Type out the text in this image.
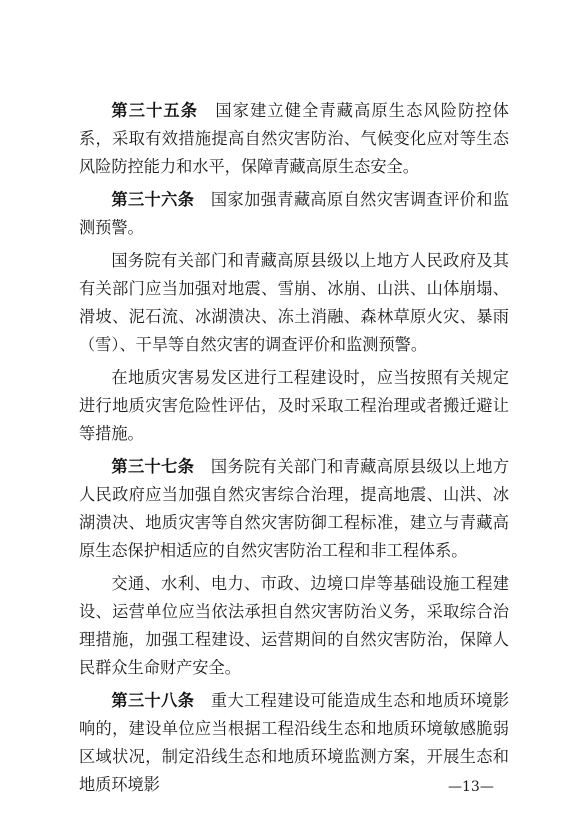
第三十五条 国家建立健全青藏高原生态风险防控体系，采取有效措施提高自然灾害防治、气候变化应对等生态风险防控能力和水平，保障青藏高原生态安全。

第三十六条 国家加强青藏高原自然灾害调查评价和监测预警。

国务院有关部门和青藏高原县级以上地方人民政府及其有关部门应当加强对地震、雪崩、冰崩、山洪、山体崩塌、滑坡、泥石流、冰湖溃决、冻土消融、森林草原火灾、暴雨（雪）、干旱等自然灾害的调查评价和监测预警。

在地质灾害易发区进行工程建设时，应当按照有关规定进行地质灾害危险性评估，及时采取工程治理或者搬迁避让等措施。

第三十七条 国务院有关部门和青藏高原县级以上地方人民政府应当加强自然灾害综合治理，提高地震、山洪、冰湖溃决、地质灾害等自然灾害防御工程标准，建立与青藏高原生态保护相适应的自然灾害防治工程和非工程体系。

交通、水利、电力、市政、边境口岸等基础设施工程建设、运营单位应当依法承担自然灾害防治义务，采取综合治理措施，加强工程建设、运营期间的自然灾害防治，保障人民群众生命财产安全。

第三十八条 重大工程建设可能造成生态和地质环境影响的，建设单位应当根据工程沿线生态和地质环境敏感脆弱区域状况，制定沿线生态和地质环境监测方案，开展生态和地质环境影	—13—
